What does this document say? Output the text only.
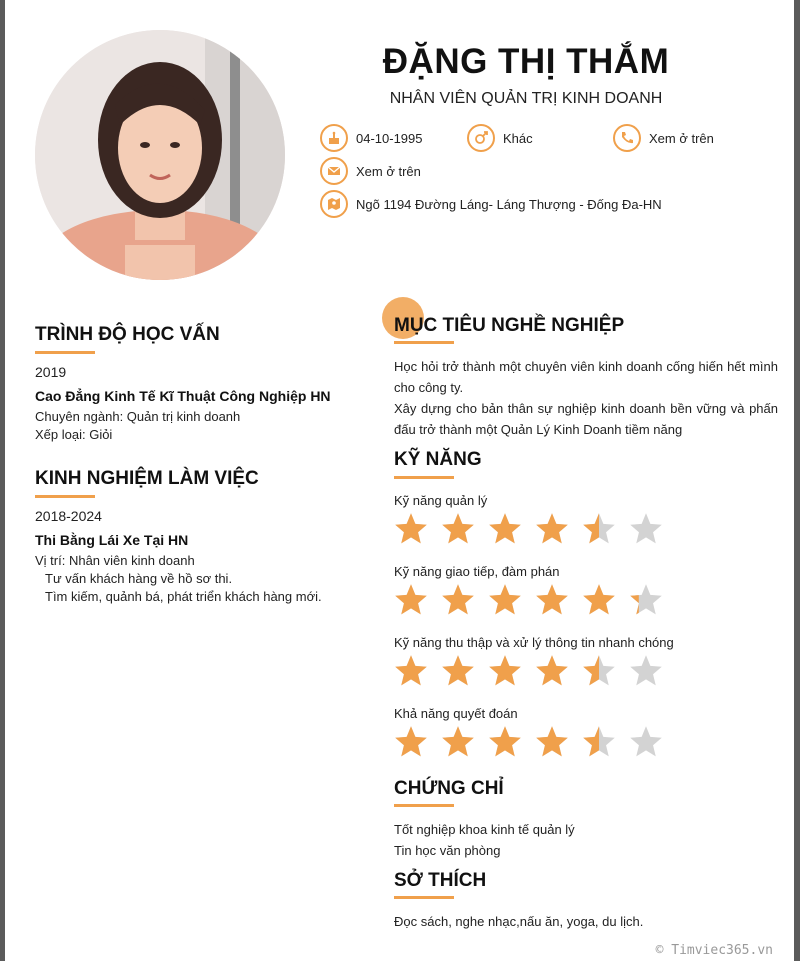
ĐẶNG THỊ THẮM
NHÂN VIÊN QUẢN TRỊ KINH DOANH
04-10-1995	Khác	Xem ở trên
Xem ở trên
Ngõ 1194 Đường Láng- Láng Thượng - Đống Đa-HN
TRÌNH ĐỘ HỌC VẤN
2019
Cao Đẳng Kinh Tế Kĩ Thuật Công Nghiệp HN
Chuyên ngành: Quản trị kinh doanh
Xếp loại: Giỏi
KINH NGHIỆM LÀM VIỆC
2018-2024
Thi Bằng Lái Xe Tại HN
Vị trí: Nhân viên kinh doanh
Tư vấn khách hàng về hồ sơ thi.
Tìm kiếm, quảnh bá, phát triển khách hàng mới.
MỤC TIÊU NGHỀ NGHIỆP
Học hỏi trở thành một chuyên viên kinh doanh cống hiến hết mình cho công ty.
Xây dựng cho bản thân sự nghiệp kinh doanh bền vững và phấn đấu trở thành một Quản Lý Kinh Doanh tiềm năng
KỸ NĂNG
Kỹ năng quản lý
Kỹ năng giao tiếp, đàm phán
Kỹ năng thu thập và xử lý thông tin nhanh chóng
Khả năng quyết đoán
CHỨNG CHỈ
Tốt nghiệp khoa kinh tế quản lý
Tin học văn phòng
SỞ THÍCH
Đọc sách, nghe nhạc,nấu ăn, yoga, du lịch.
© Timviec365.vn
